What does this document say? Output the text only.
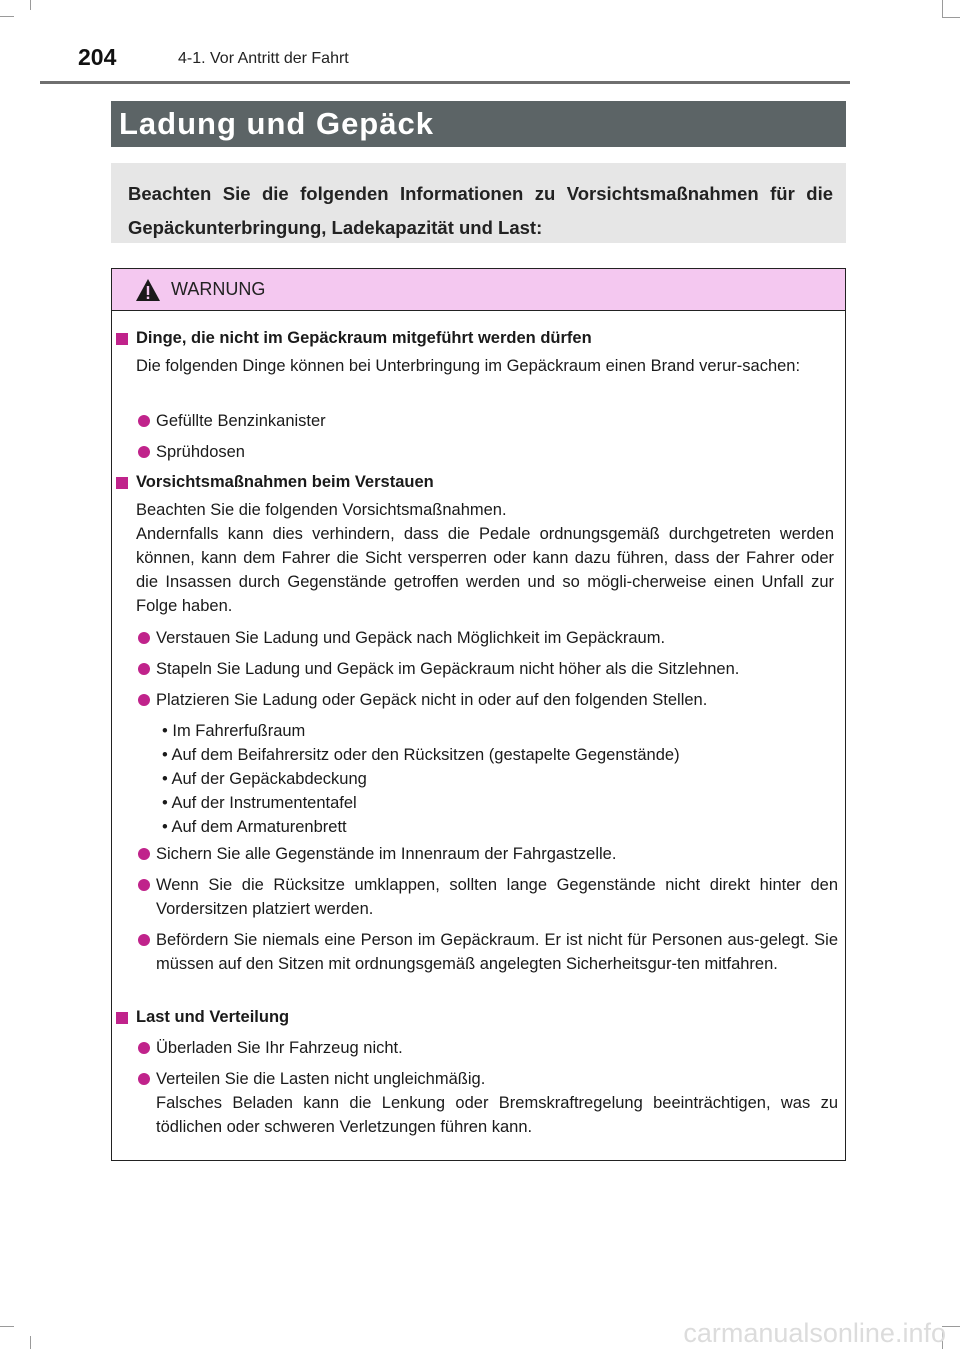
204	4-1. Vor Antritt der Fahrt
Ladung und Gepäck

Beachten Sie die folgenden Informationen zu Vorsichtsmaßnahmen für die Gepäckunterbringung, Ladekapazität und Last:

WARNUNG
Dinge, die nicht im Gepäckraum mitgeführt werden dürfen
Die folgenden Dinge können bei Unterbringung im Gepäckraum einen Brand verur-sachen:
Gefüllte Benzinkanister
Sprühdosen
Vorsichtsmaßnahmen beim Verstauen
Beachten Sie die folgenden Vorsichtsmaßnahmen.
Andernfalls kann dies verhindern, dass die Pedale ordnungsgemäß durchgetreten werden können, kann dem Fahrer die Sicht versperren oder kann dazu führen, dass der Fahrer oder die Insassen durch Gegenstände getroffen werden und so mögli-cherweise einen Unfall zur Folge haben.
Verstauen Sie Ladung und Gepäck nach Möglichkeit im Gepäckraum.
Stapeln Sie Ladung und Gepäck im Gepäckraum nicht höher als die Sitzlehnen.
Platzieren Sie Ladung oder Gepäck nicht in oder auf den folgenden Stellen.
• Im Fahrerfußraum
• Auf dem Beifahrersitz oder den Rücksitzen (gestapelte Gegenstände)
• Auf der Gepäckabdeckung
• Auf der Instrumententafel
• Auf dem Armaturenbrett
Sichern Sie alle Gegenstände im Innenraum der Fahrgastzelle.
Wenn Sie die Rücksitze umklappen, sollten lange Gegenstände nicht direkt hinter den Vordersitzen platziert werden.
Befördern Sie niemals eine Person im Gepäckraum. Er ist nicht für Personen aus-gelegt. Sie müssen auf den Sitzen mit ordnungsgemäß angelegten Sicherheitsgur-ten mitfahren.
Last und Verteilung
Überladen Sie Ihr Fahrzeug nicht.
Verteilen Sie die Lasten nicht ungleichmäßig.
Falsches Beladen kann die Lenkung oder Bremskraftregelung beeinträchtigen, was zu tödlichen oder schweren Verletzungen führen kann.
carmanualsonline.info
